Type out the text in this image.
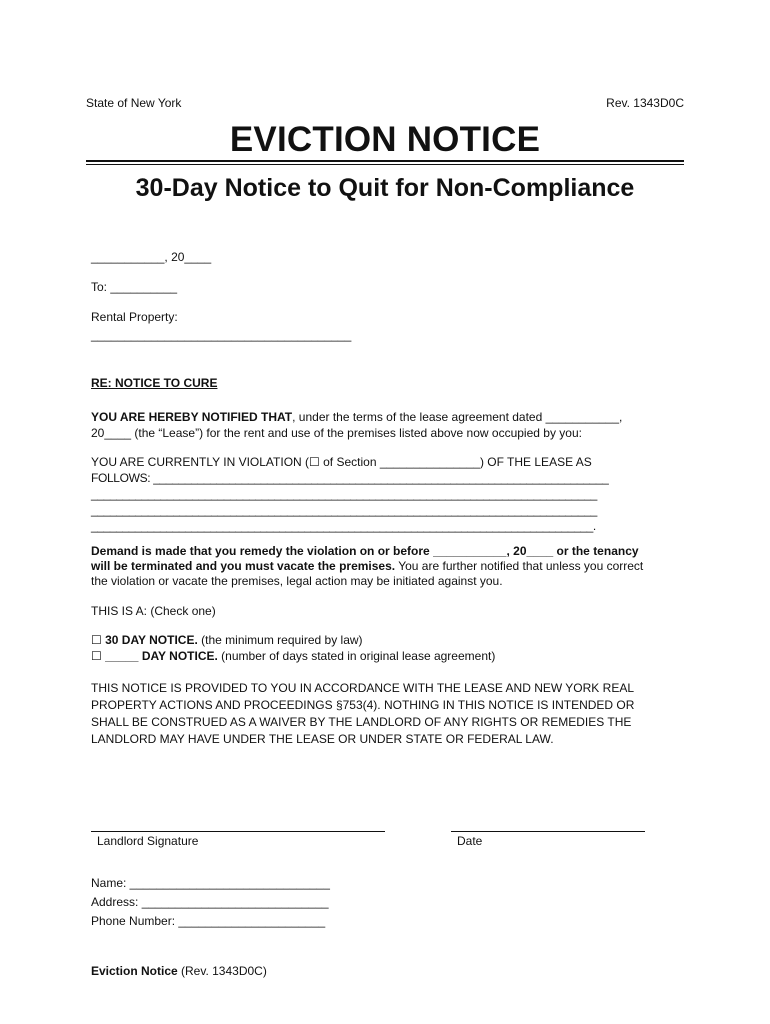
State of New York	Rev. 1343D0C
EVICTION NOTICE
30-Day Notice to Quit for Non-Compliance
___________, 20____
To: __________
Rental Property:
_______________________________________
RE: NOTICE TO CURE
YOU ARE HEREBY NOTIFIED THAT, under the terms of the lease agreement dated ___________,
20____ (the “Lease”) for the rent and use of the premises listed above now occupied by you:
YOU ARE CURRENTLY IN VIOLATION (☐ of Section _______________) OF THE LEASE AS
FOLLOWS: ________________________________________________________________________
________________________________________________________________________________
________________________________________________________________________________
________________________________________________________________________________.
Demand is made that you remedy the violation on or before ___________, 20____ or the tenancy
will be terminated and you must vacate the premises. You are further notified that unless you correct
the violation or vacate the premises, legal action may be initiated against you.
THIS IS A: (Check one)
☐ 30 DAY NOTICE. (the minimum required by law)
☐ _____ DAY NOTICE. (number of days stated in original lease agreement)
THIS NOTICE IS PROVIDED TO YOU IN ACCORDANCE WITH THE LEASE AND NEW YORK REAL
PROPERTY ACTIONS AND PROCEEDINGS §753(4). NOTHING IN THIS NOTICE IS INTENDED OR
SHALL BE CONSTRUED AS A WAIVER BY THE LANDLORD OF ANY RIGHTS OR REMEDIES THE
LANDLORD MAY HAVE UNDER THE LEASE OR UNDER STATE OR FEDERAL LAW.
Landlord Signature	Date
Name: ______________________________
Address: ____________________________
Phone Number: ______________________
Eviction Notice (Rev. 1343D0C)
